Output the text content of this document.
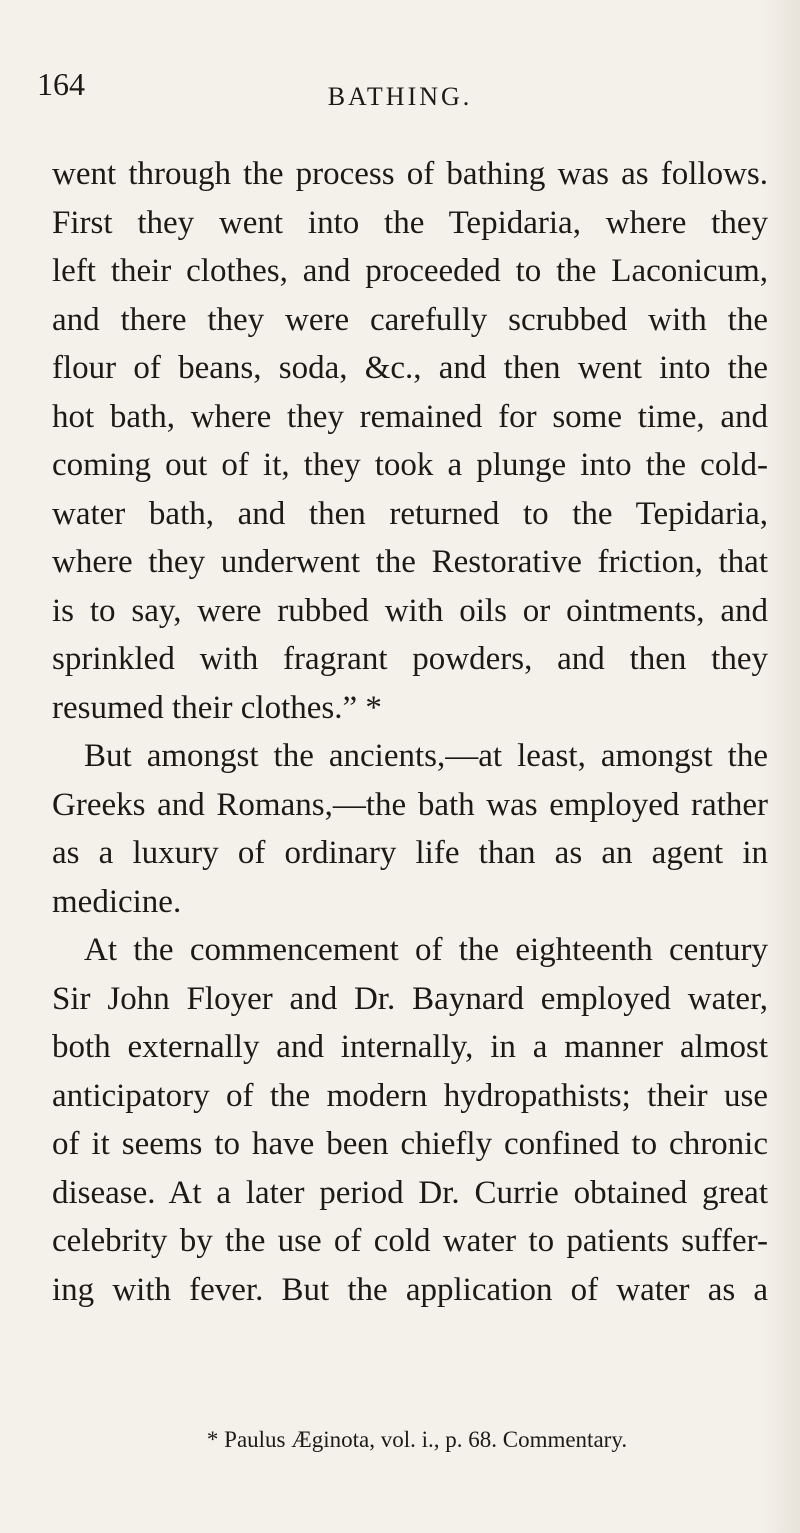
164	BATHING.
went through the process of bathing was as follows.
First they went into the Tepidaria, where they
left their clothes, and proceeded to the Laconicum,
and there they were carefully scrubbed with the
flour of beans, soda, &c., and then went into the
hot bath, where they remained for some time, and
coming out of it, they took a plunge into the cold-
water bath, and then returned to the Tepidaria,
where they underwent the Restorative friction, that
is to say, were rubbed with oils or ointments, and
sprinkled with fragrant powders, and then they
resumed their clothes.” *
But amongst the ancients,—at least, amongst the
Greeks and Romans,—the bath was employed rather
as a luxury of ordinary life than as an agent in
medicine.
At the commencement of the eighteenth century
Sir John Floyer and Dr. Baynard employed water,
both externally and internally, in a manner almost
anticipatory of the modern hydropathists; their use
of it seems to have been chiefly confined to chronic
disease. At a later period Dr. Currie obtained great
celebrity by the use of cold water to patients suffer-
ing with fever. But the application of water as a
* Paulus Æginota, vol. i., p. 68. Commentary.
